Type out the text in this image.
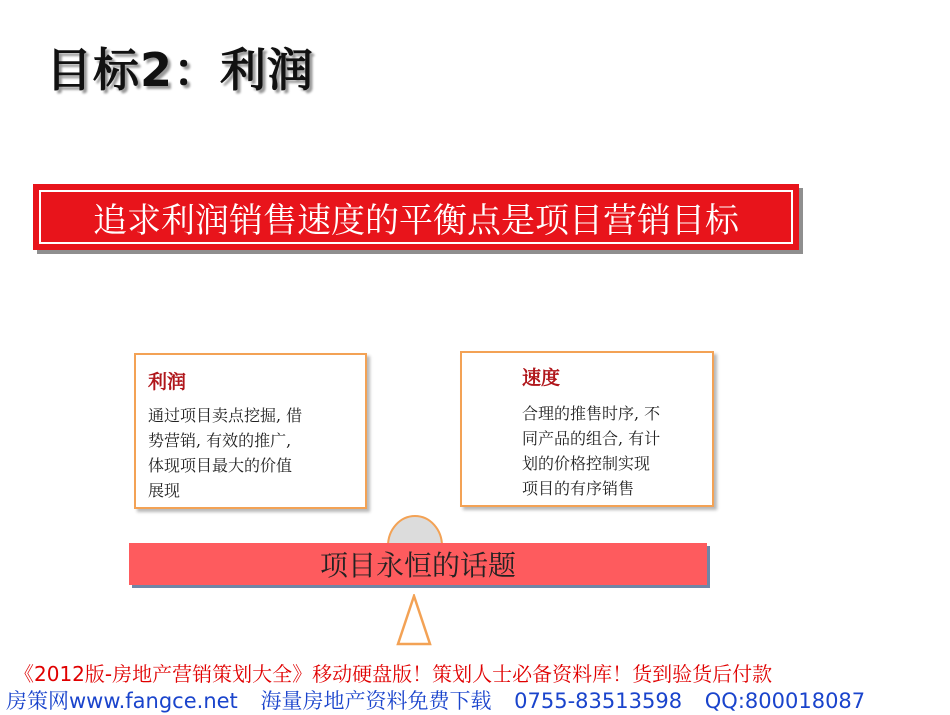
目标2：利润
追求利润销售速度的平衡点是项目营销目标
利润
通过项目卖点挖掘, 借
势营销, 有效的推广,
体现项目最大的价值
展现
速度
合理的推售时序, 不
同产品的组合, 有计
划的价格控制实现
项目的有序销售
项目永恒的话题
《2012版-房地产营销策划大全》移动硬盘版！策划人士必备资料库！货到验货后付款
房策网www.fangce.net 海量房地产资料免费下载 0755-83513598 QQ:800018087
